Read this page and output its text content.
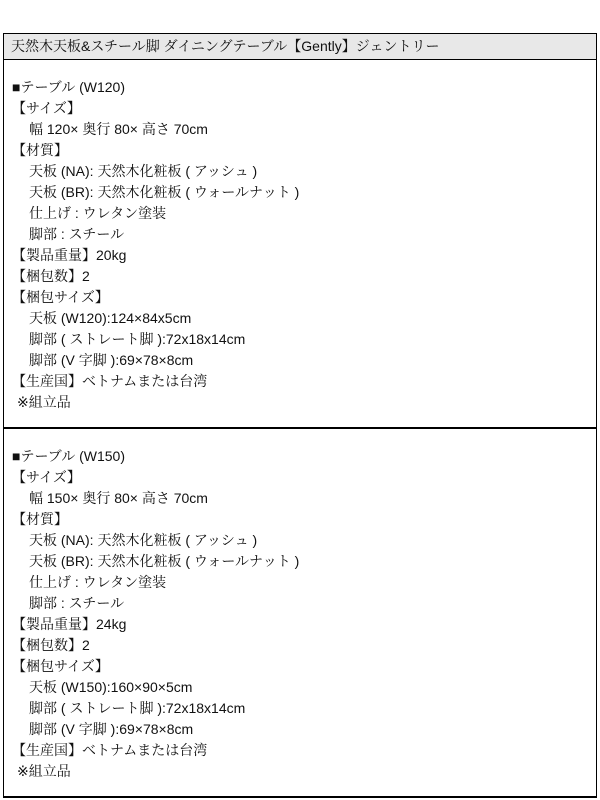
天然木天板&スチール脚 ダイニングテーブル【Gently】ジェントリー
■テーブル (W120)
【サイズ】
幅 120× 奥行 80× 高さ 70cm
【材質】
天板 (NA): 天然木化粧板 ( アッシュ )
天板 (BR): 天然木化粧板 ( ウォールナット )
仕上げ : ウレタン塗装
脚部 : スチール
【製品重量】20kg
【梱包数】2
【梱包サイズ】
天板 (W120):124×84x5cm
脚部 ( ストレート脚 ):72x18x14cm
脚部 (V 字脚 ):69×78×8cm
【生産国】ベトナムまたは台湾
※組立品
■テーブル (W150)
【サイズ】
幅 150× 奥行 80× 高さ 70cm
【材質】
天板 (NA): 天然木化粧板 ( アッシュ )
天板 (BR): 天然木化粧板 ( ウォールナット )
仕上げ : ウレタン塗装
脚部 : スチール
【製品重量】24kg
【梱包数】2
【梱包サイズ】
天板 (W150):160×90×5cm
脚部 ( ストレート脚 ):72x18x14cm
脚部 (V 字脚 ):69×78×8cm
【生産国】ベトナムまたは台湾
※組立品
